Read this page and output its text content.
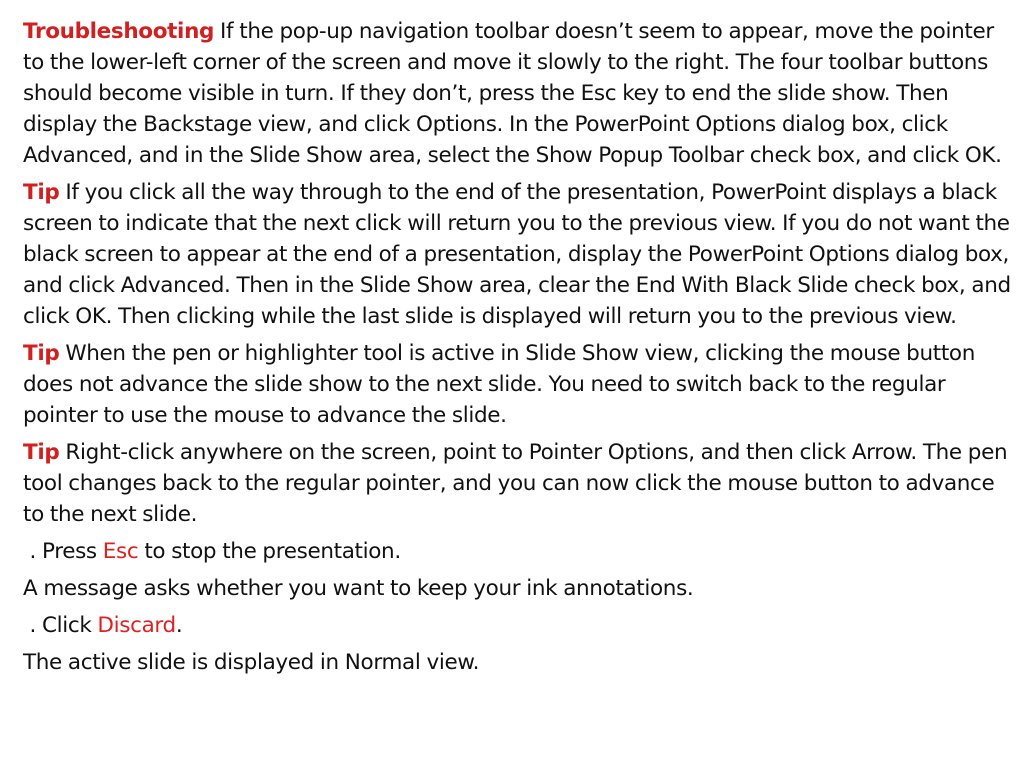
Troubleshooting If the pop-up navigation toolbar doesn’t seem to appear, move the pointer to the lower-left corner of the screen and move it slowly to the right. The four toolbar buttons should become visible in turn. If they don’t, press the Esc key to end the slide show. Then display the Backstage view, and click Options. In the PowerPoint Options dialog box, click Advanced, and in the Slide Show area, select the Show Popup Toolbar check box, and click OK.

Tip If you click all the way through to the end of the presentation, PowerPoint displays a black screen to indicate that the next click will return you to the previous view. If you do not want the black screen to appear at the end of a presentation, display the PowerPoint Options dialog box, and click Advanced. Then in the Slide Show area, clear the End With Black Slide check box, and click OK. Then clicking while the last slide is displayed will return you to the previous view.

Tip When the pen or highlighter tool is active in Slide Show view, clicking the mouse button does not advance the slide show to the next slide. You need to switch back to the regular pointer to use the mouse to advance the slide.

Tip Right-click anywhere on the screen, point to Pointer Options, and then click Arrow. The pen tool changes back to the regular pointer, and you can now click the mouse button to advance to the next slide.

. Press Esc to stop the presentation.

A message asks whether you want to keep your ink annotations.

. Click Discard.

The active slide is displayed in Normal view.
